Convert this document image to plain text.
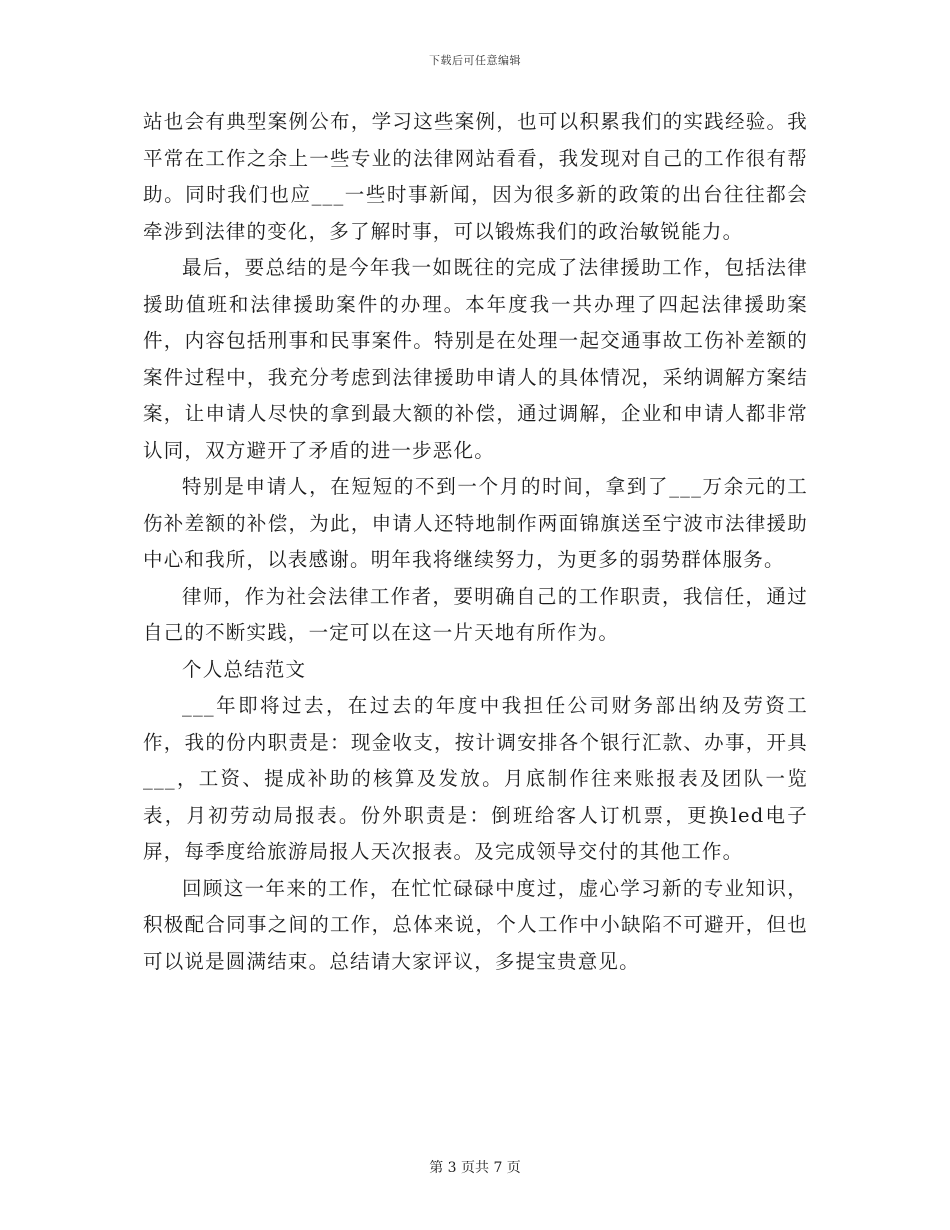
下载后可任意编辑

站也会有典型案例公布，学习这些案例，也可以积累我们的实践经验。我平常在工作之余上一些专业的法律网站看看，我发现对自己的工作很有帮助。同时我们也应___一些时事新闻，因为很多新的政策的出台往往都会牵涉到法律的变化，多了解时事，可以锻炼我们的政治敏锐能力。

最后，要总结的是今年我一如既往的完成了法律援助工作，包括法律援助值班和法律援助案件的办理。本年度我一共办理了四起法律援助案件，内容包括刑事和民事案件。特别是在处理一起交通事故工伤补差额的案件过程中，我充分考虑到法律援助申请人的具体情况，采纳调解方案结案，让申请人尽快的拿到最大额的补偿，通过调解，企业和申请人都非常认同，双方避开了矛盾的进一步恶化。

特别是申请人，在短短的不到一个月的时间，拿到了___万余元的工伤补差额的补偿，为此，申请人还特地制作两面锦旗送至宁波市法律援助中心和我所，以表感谢。明年我将继续努力，为更多的弱势群体服务。

律师，作为社会法律工作者，要明确自己的工作职责，我信任，通过自己的不断实践，一定可以在这一片天地有所作为。

个人总结范文

___年即将过去，在过去的年度中我担任公司财务部出纳及劳资工作，我的份内职责是：现金收支，按计调安排各个银行汇款、办事，开具___，工资、提成补助的核算及发放。月底制作往来账报表及团队一览表，月初劳动局报表。份外职责是：倒班给客人订机票，更换led电子屏，每季度给旅游局报人天次报表。及完成领导交付的其他工作。

回顾这一年来的工作，在忙忙碌碌中度过，虚心学习新的专业知识，积极配合同事之间的工作，总体来说，个人工作中小缺陷不可避开，但也可以说是圆满结束。总结请大家评议，多提宝贵意见。

第 3 页共 7 页
